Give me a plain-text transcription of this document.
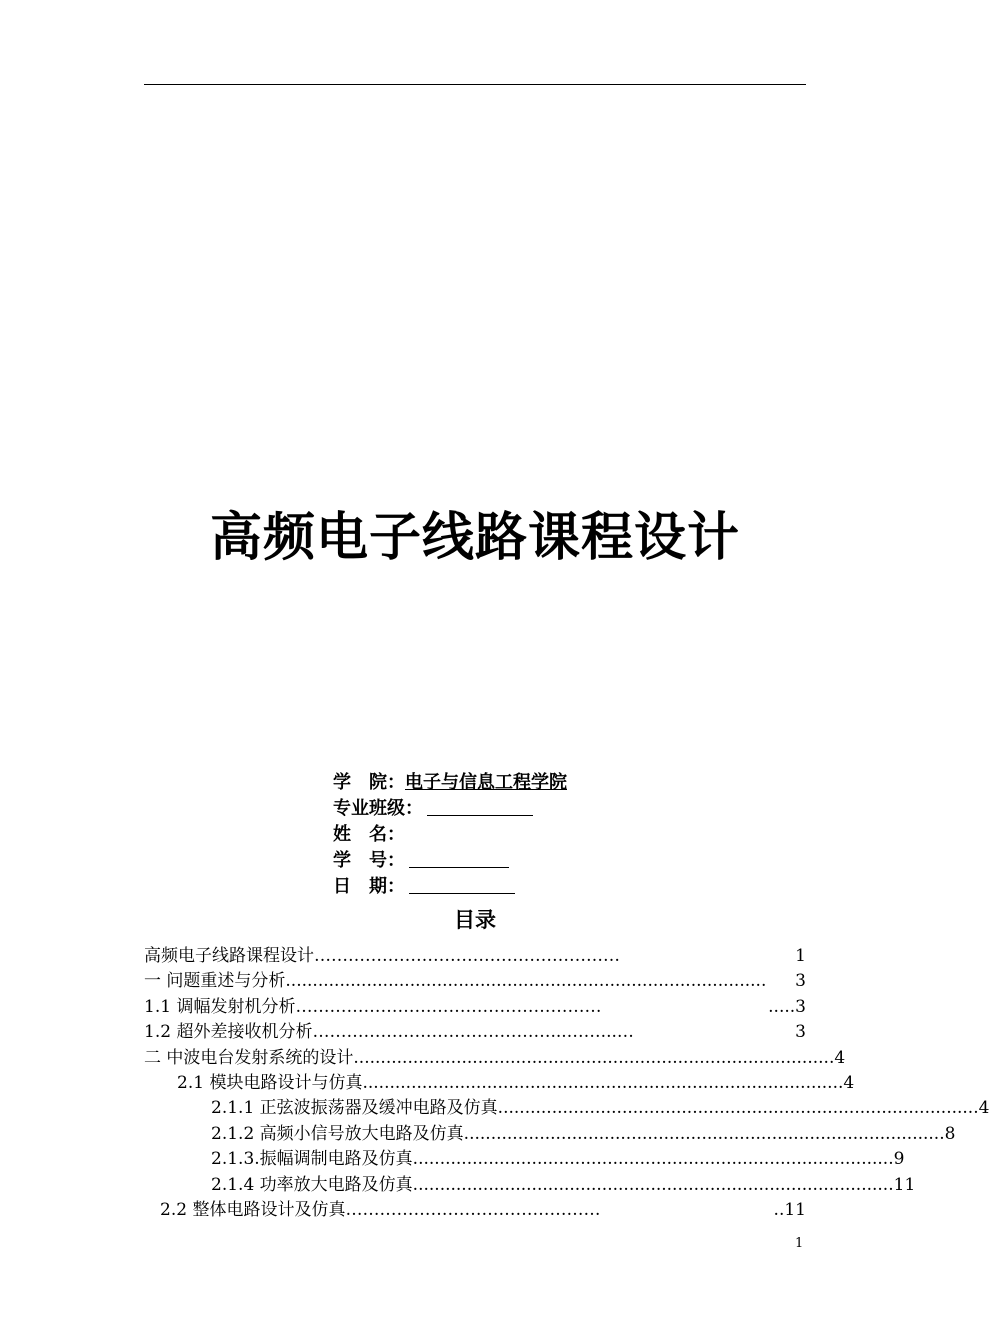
高频电子线路课程设计
学　院：电子与信息工程学院
专业班级：
姓　名：
学　号：
日　期：
目录
高频电子线路课程设计 ………………………………………………	1
一 问题重述与分析 .........................................................................................	3
1.1 调幅发射机分析 ………………………………………………	.....3
1.2 超外差接收机分析 ……………………………………...……...…	3
二 中波电台发射系统的设计 ......................................................................................... 4
2.1 模块电路设计与仿真 ......................................................................................... 4
2.1.1 正弦波振荡器及缓冲电路及仿真 ......................................................................................... 4
2.1.2 高频小信号放大电路及仿真 ......................................................................................... 8
2.1.3.振幅调制电路及仿真 ......................................................................................... 9
2.1.4 功率放大电路及仿真 ......................................................................................... 11
2.2 整体电路设计及仿真 ………………………………………	..11
1
